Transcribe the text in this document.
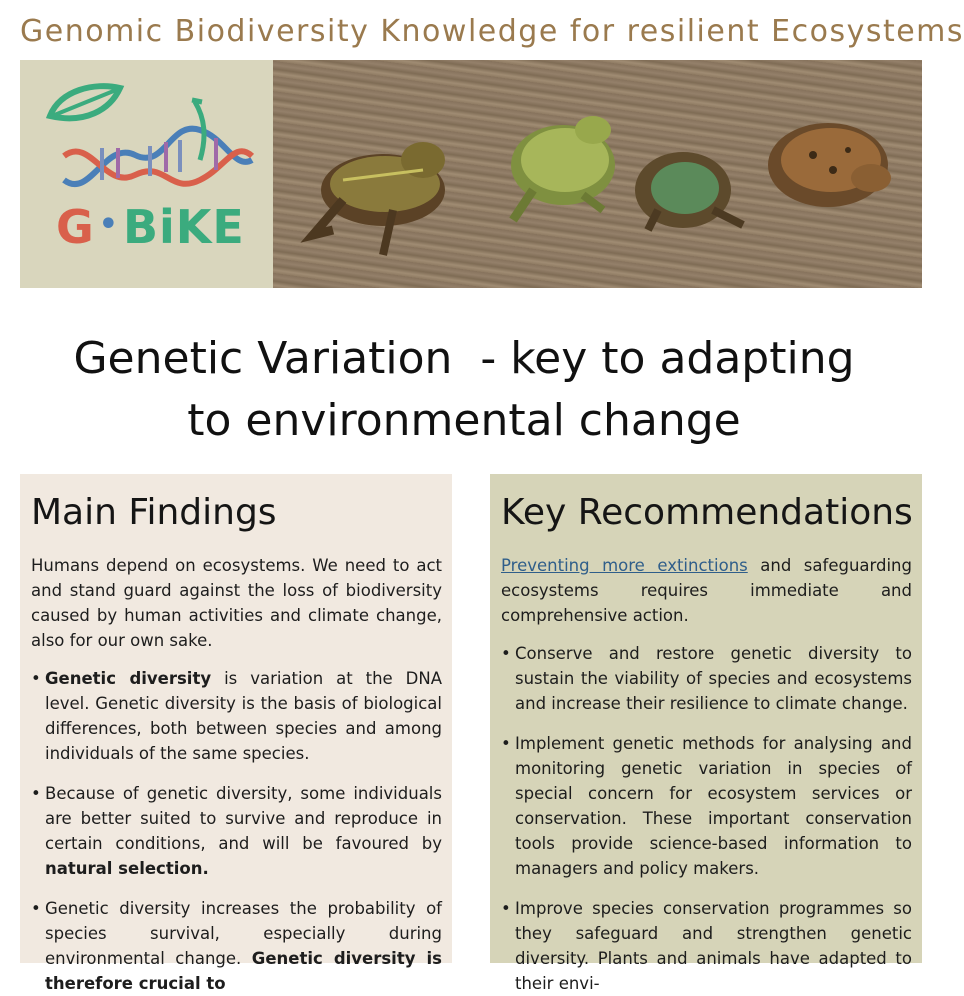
Genomic Biodiversity Knowledge for resilient Ecosystems
G •BiKE
Genetic Variation  - key to adapting
to environmental change
Main Findings

Humans depend on ecosystems. We need to act and stand guard against the loss of biodiversity caused by human activities and climate change, also for our own sake.

• Genetic diversity is variation at the DNA level. Genetic diversity is the basis of biological differences, both between species and among individuals of the same species.
• Because of genetic diversity, some individuals are better suited to survive and reproduce in certain conditions, and will be favoured by natural selection.
• Genetic diversity increases the probability of species survival, especially during environmental change. Genetic diversity is therefore crucial to
Key Recommendations

Preventing more extinctions and safeguarding ecosystems requires immediate and comprehensive action.

• Conserve and restore genetic diversity to sustain the viability of species and ecosystems and increase their resilience to climate change.
• Implement genetic methods for analysing and monitoring genetic variation in species of special concern for ecosystem services or conservation. These important conservation tools provide science-based information to managers and policy makers.
• Improve species conservation programmes so they safeguard and strengthen genetic diversity. Plants and animals have adapted to their envi-
